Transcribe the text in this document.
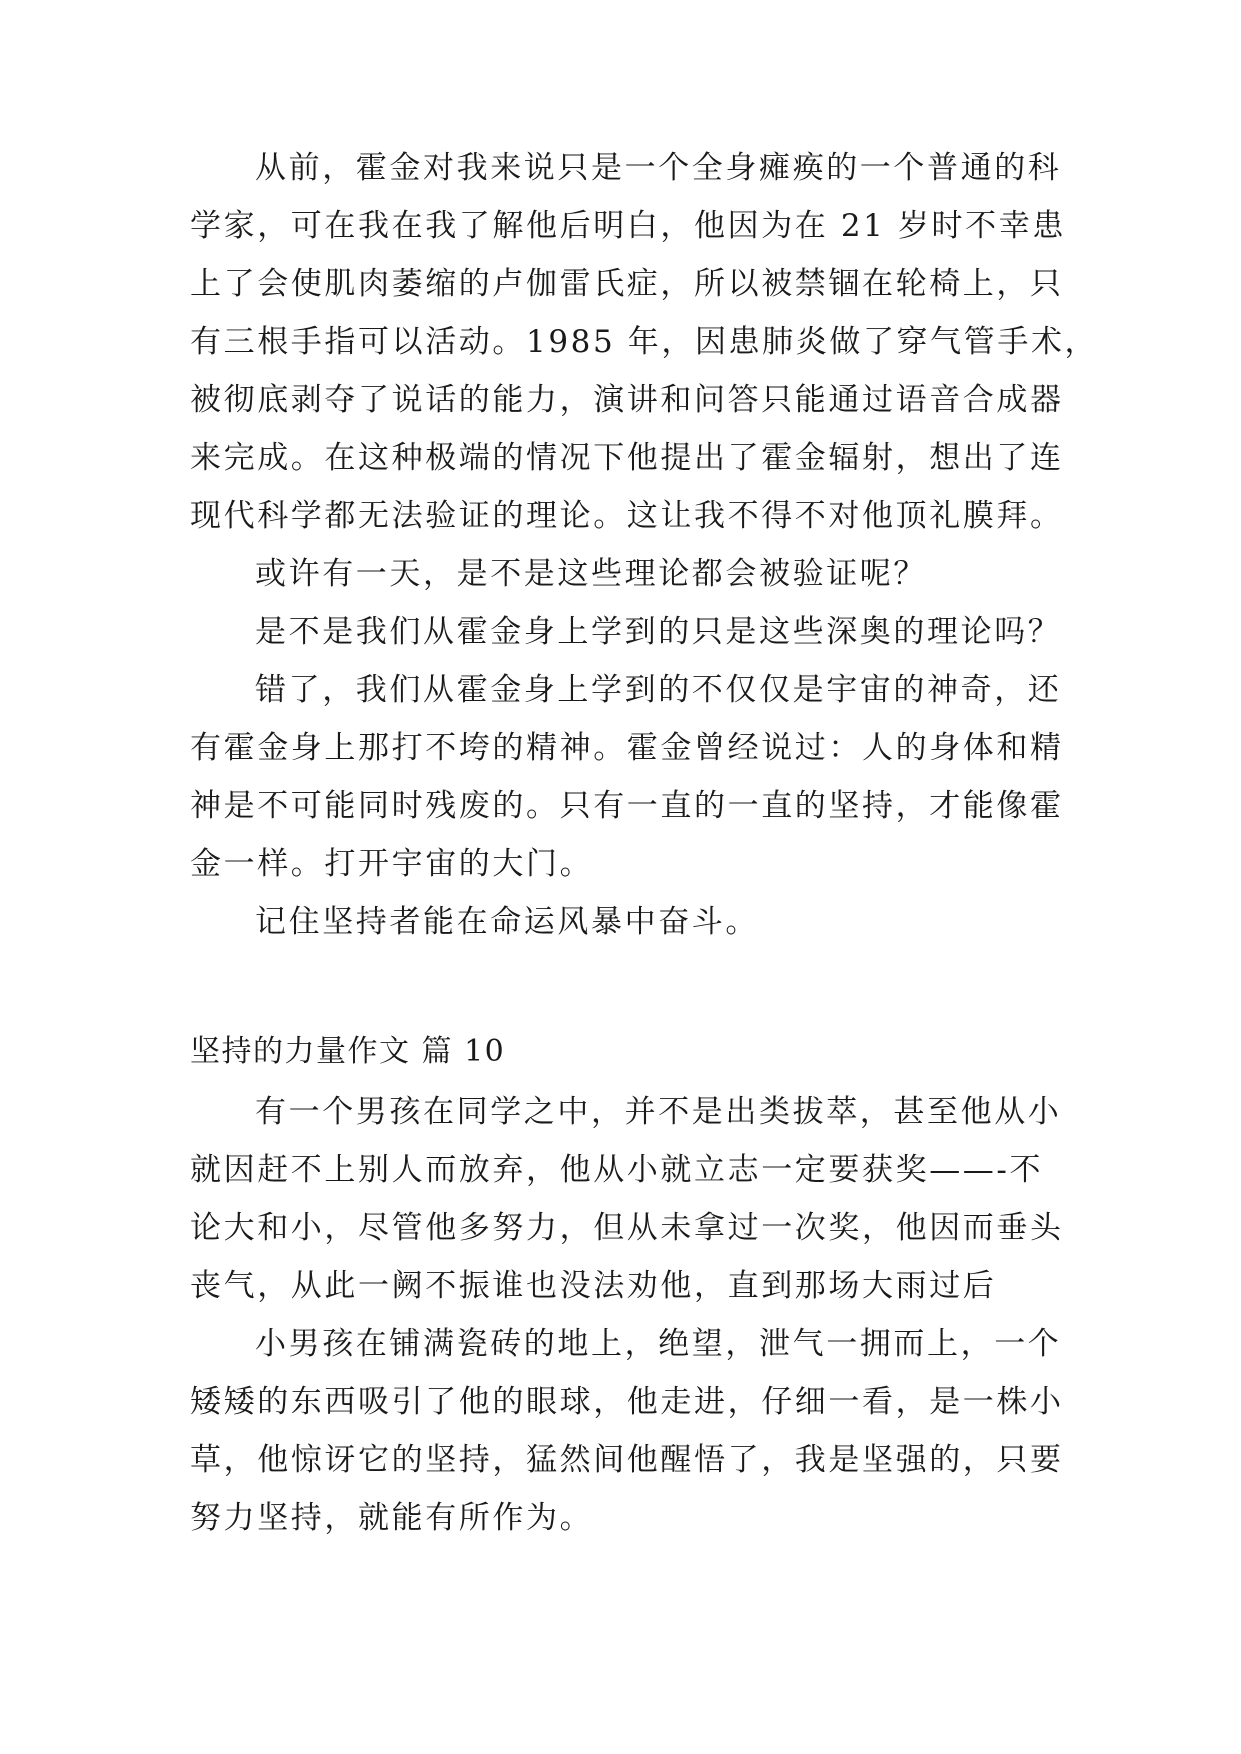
从前，霍金对我来说只是一个全身瘫痪的一个普通的科
学家，可在我在我了解他后明白，他因为在 21 岁时不幸患
上了会使肌肉萎缩的卢伽雷氏症，所以被禁锢在轮椅上，只
有三根手指可以活动。1985 年，因患肺炎做了穿气管手术，
被彻底剥夺了说话的能力，演讲和问答只能通过语音合成器
来完成。在这种极端的情况下他提出了霍金辐射，想出了连
现代科学都无法验证的理论。这让我不得不对他顶礼膜拜。
或许有一天，是不是这些理论都会被验证呢？
是不是我们从霍金身上学到的只是这些深奥的理论吗？
错了，我们从霍金身上学到的不仅仅是宇宙的神奇，还
有霍金身上那打不垮的精神。霍金曾经说过：人的身体和精
神是不可能同时残废的。只有一直的一直的坚持，才能像霍
金一样。打开宇宙的大门。
记住坚持者能在命运风暴中奋斗。
坚持的力量作文 篇 10
有一个男孩在同学之中，并不是出类拔萃，甚至他从小
就因赶不上别人而放弃，他从小就立志一定要获奖——-不
论大和小，尽管他多努力，但从未拿过一次奖，他因而垂头
丧气，从此一阙不振谁也没法劝他，直到那场大雨过后
小男孩在铺满瓷砖的地上，绝望，泄气一拥而上，一个
矮矮的东西吸引了他的眼球，他走进，仔细一看，是一株小
草，他惊讶它的坚持，猛然间他醒悟了，我是坚强的，只要
努力坚持，就能有所作为。
